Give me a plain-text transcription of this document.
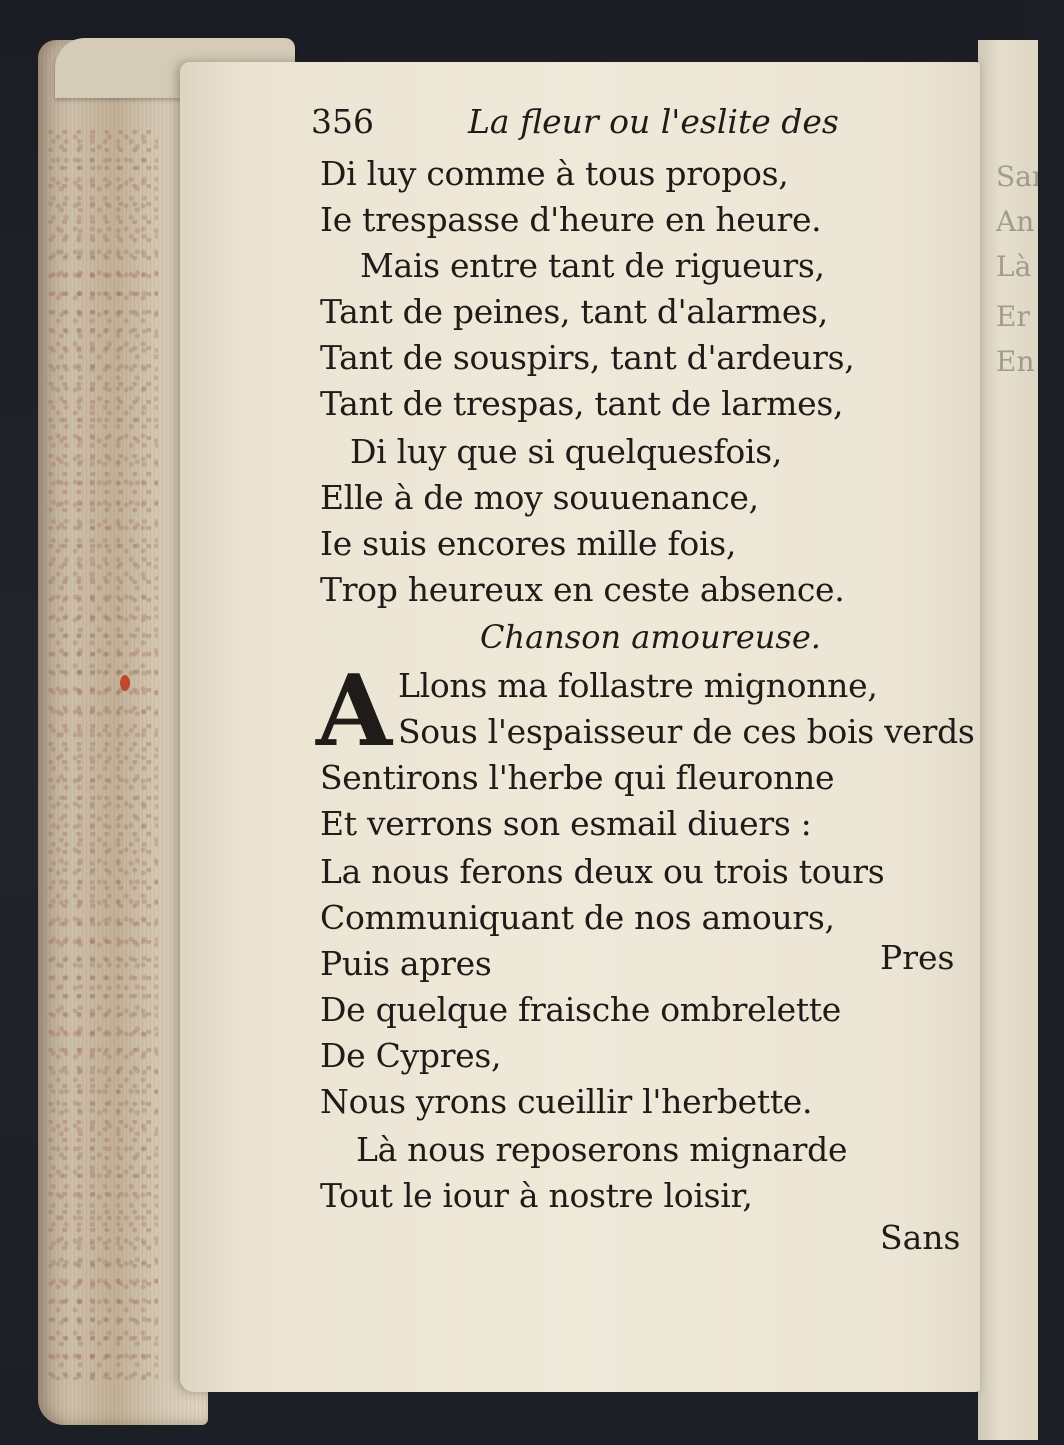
Sans
An
Là
Er
En
356	La fleur ou l'eslite des
Di luy comme à tous propos,
Ie trespasse d'heure en heure.
Mais entre tant de rigueurs,
Tant de peines, tant d'alarmes,
Tant de souspirs, tant d'ardeurs,
Tant de trespas, tant de larmes,
Di luy que si quelquesfois,
Elle à de moy souuenance,
Ie suis encores mille fois,
Trop heureux en ceste absence.
Chanson amoureuse.
A Llons ma follastre mignonne,
Sous l'espaisseur de ces bois verds
Sentirons l'herbe qui fleuronne
Et verrons son esmail diuers :
La nous ferons deux ou trois tours
Communiquant de nos amours,
Puis apres	Pres
De quelque fraische ombrelette
De Cypres,
Nous yrons cueillir l'herbette.
Là nous reposerons mignarde
Tout le iour à nostre loisir,
Sans
